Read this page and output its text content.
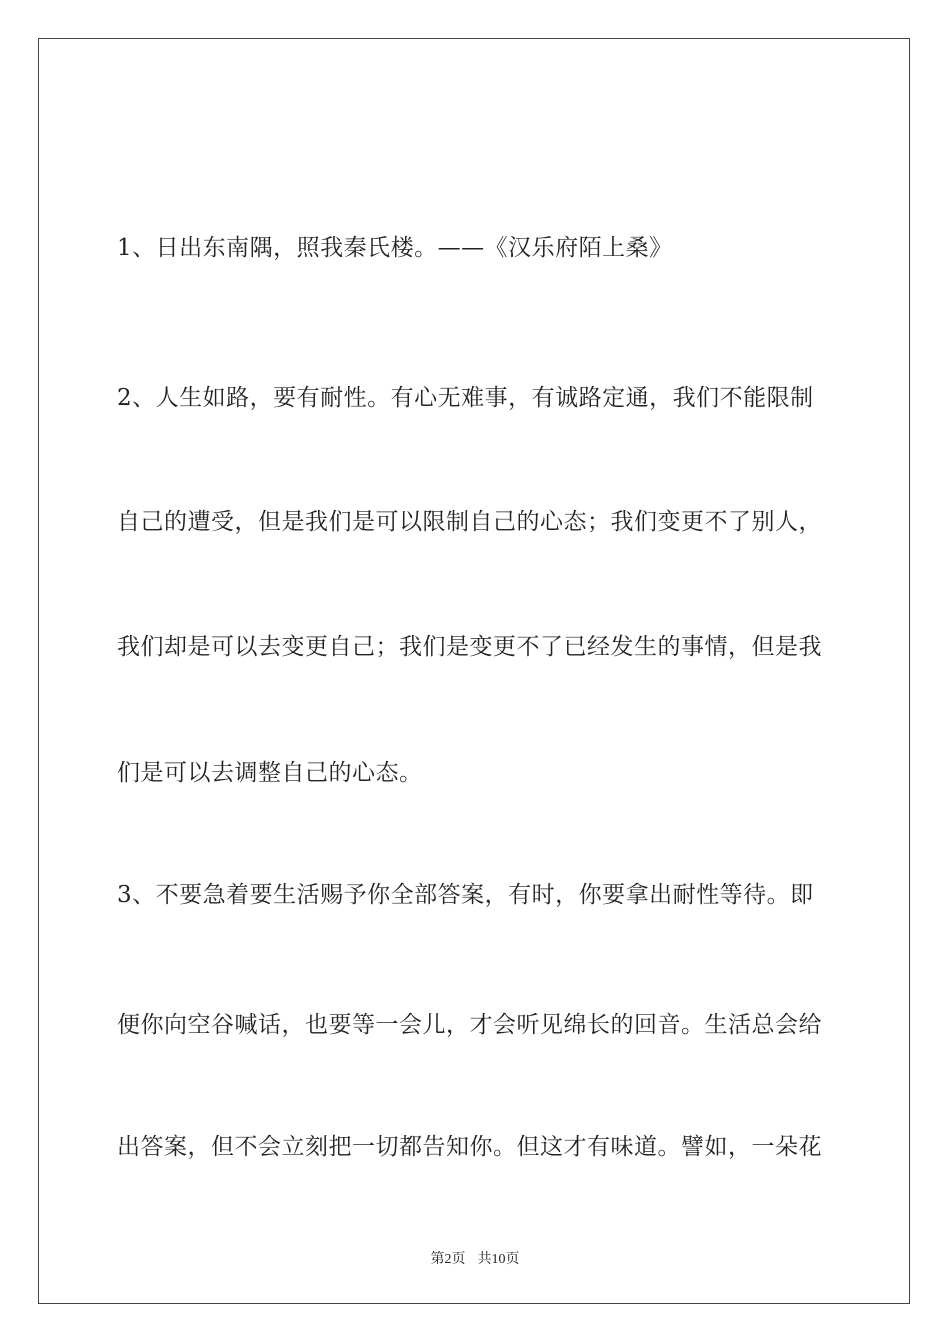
1、日出东南隅，照我秦氏楼。——《汉乐府陌上桑》
2、人生如路，要有耐性。有心无难事，有诚路定通，我们不能限制
自己的遭受，但是我们是可以限制自己的心态；我们变更不了别人，
我们却是可以去变更自己；我们是变更不了已经发生的事情，但是我
们是可以去调整自己的心态。
3、不要急着要生活赐予你全部答案，有时，你要拿出耐性等待。即
便你向空谷喊话，也要等一会儿，才会听见绵长的回音。生活总会给
出答案，但不会立刻把一切都告知你。但这才有味道。譬如，一朵花
第2页 共10页
